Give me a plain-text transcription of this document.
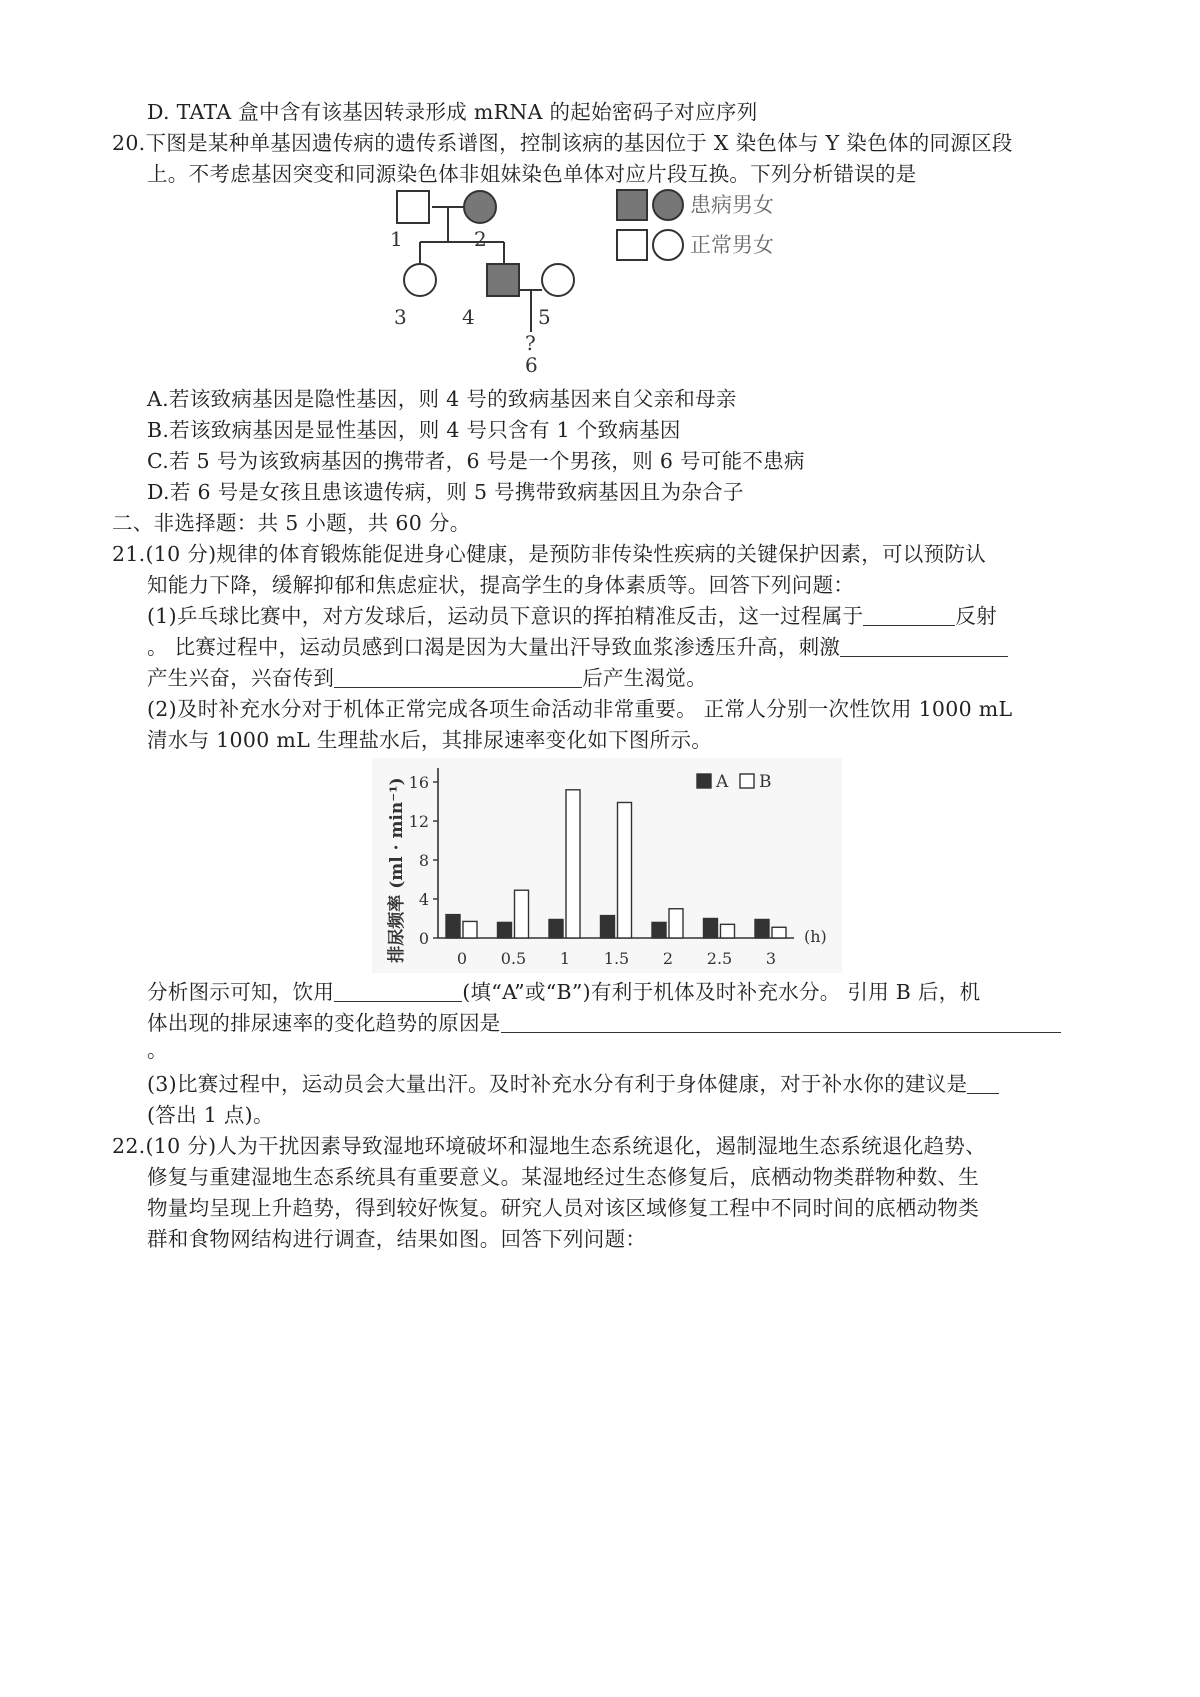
D. TATA 盒中含有该基因转录形成 mRNA 的起始密码子对应序列
20.下图是某种单基因遗传病的遗传系谱图，控制该病的基因位于 X 染色体与 Y 染色体的同源区段
上。不考虑基因突变和同源染色体非姐妹染色单体对应片段互换。下列分析错误的是
1	2
3	4	5
?
6
患病男女
正常男女
A.若该致病基因是隐性基因，则 4 号的致病基因来自父亲和母亲
B.若该致病基因是显性基因，则 4 号只含有 1 个致病基因
C.若 5 号为该致病基因的携带者，6 号是一个男孩，则 6 号可能不患病
D.若 6 号是女孩且患该遗传病，则 5 号携带致病基因且为杂合子
二、非选择题：共 5 小题，共 60 分。
21.(10 分)规律的体育锻炼能促进身心健康，是预防非传染性疾病的关键保护因素，可以预防认
知能力下降，缓解抑郁和焦虑症状，提高学生的身体素质等。回答下列问题：
(1)乒乓球比赛中，对方发球后，运动员下意识的挥拍精准反击，这一过程属于	反射
。 比赛过程中，运动员感到口渴是因为大量出汗导致血浆渗透压升高，刺激
产生兴奋，兴奋传到	后产生渴觉。
(2)及时补充水分对于机体正常完成各项生命活动非常重要。 正常人分别一次性饮用 1000 mL
清水与 1000 mL 生理盐水后，其排尿速率变化如下图所示。
排尿频率 (ml · min⁻¹)	0 0.5 1 1.5 2 2.5 3
0
4
8
12
16	A B
(h)
分析图示可知，饮用	(填“A”或“B”)有利于机体及时补充水分。 引用 B 后，机
体出现的排尿速率的变化趋势的原因是
。
(3)比赛过程中，运动员会大量出汗。及时补充水分有利于身体健康，对于补水你的建议是
(答出 1 点)。
22.(10 分)人为干扰因素导致湿地环境破坏和湿地生态系统退化，遏制湿地生态系统退化趋势、
修复与重建湿地生态系统具有重要意义。某湿地经过生态修复后，底栖动物类群物种数、生
物量均呈现上升趋势，得到较好恢复。研究人员对该区域修复工程中不同时间的底栖动物类
群和食物网结构进行调查，结果如图。回答下列问题：
